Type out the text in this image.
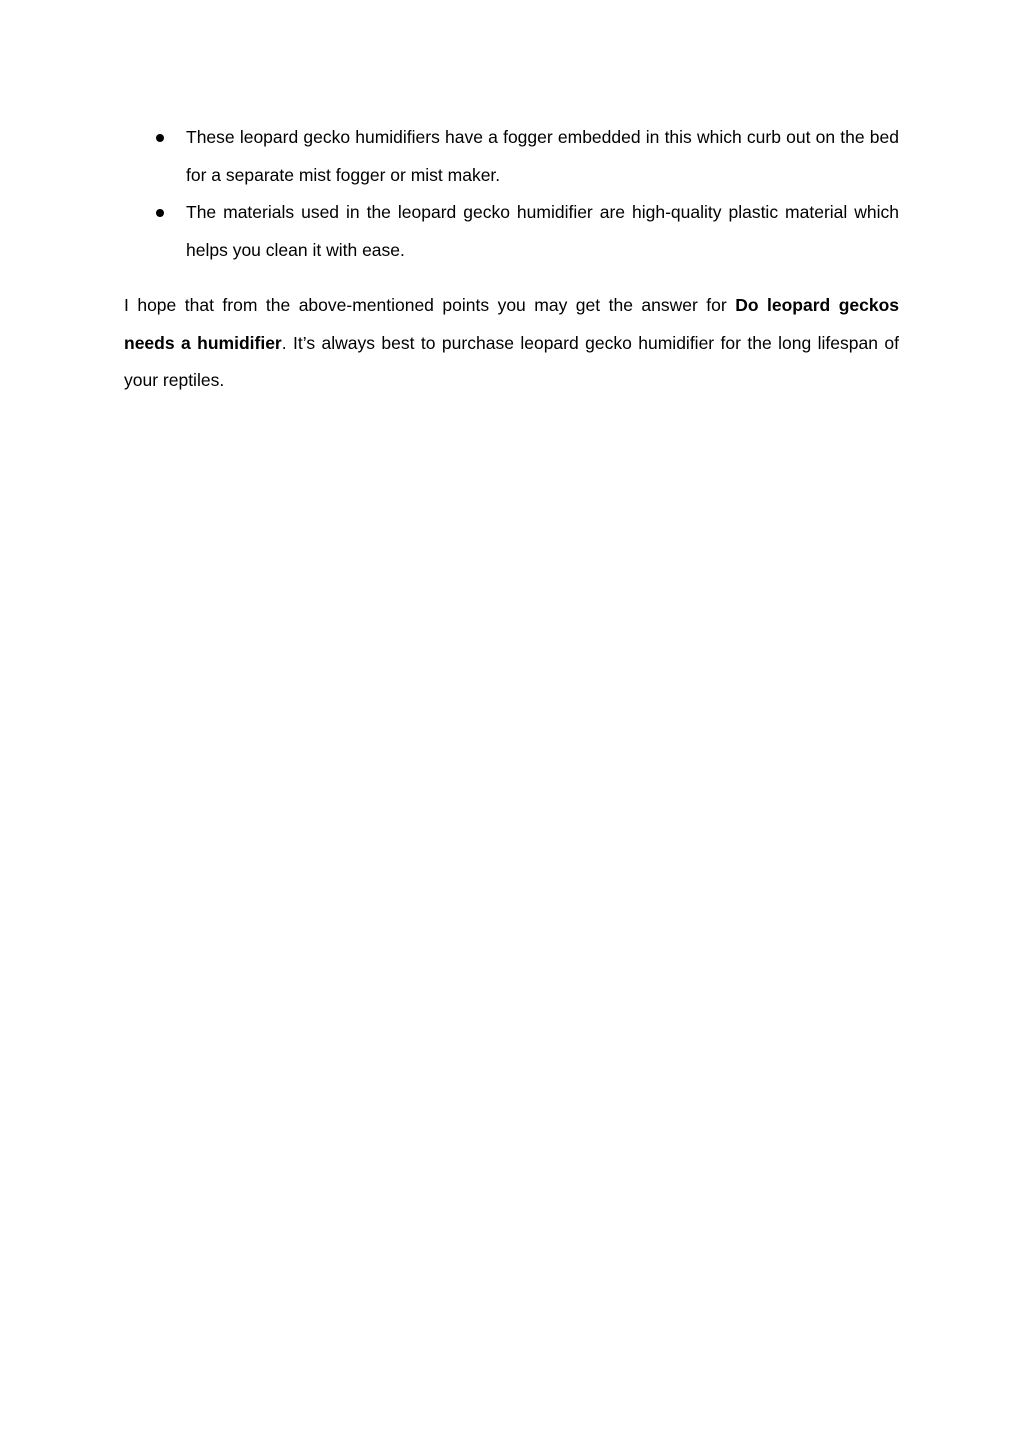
These leopard gecko humidifiers have a fogger embedded in this which curb out on the bed for a separate mist fogger or mist maker.
The materials used in the leopard gecko humidifier are high-quality plastic material which helps you clean it with ease.

I hope that from the above-mentioned points you may get the answer for Do leopard geckos needs a humidifier. It’s always best to purchase leopard gecko humidifier for the long lifespan of your reptiles.
